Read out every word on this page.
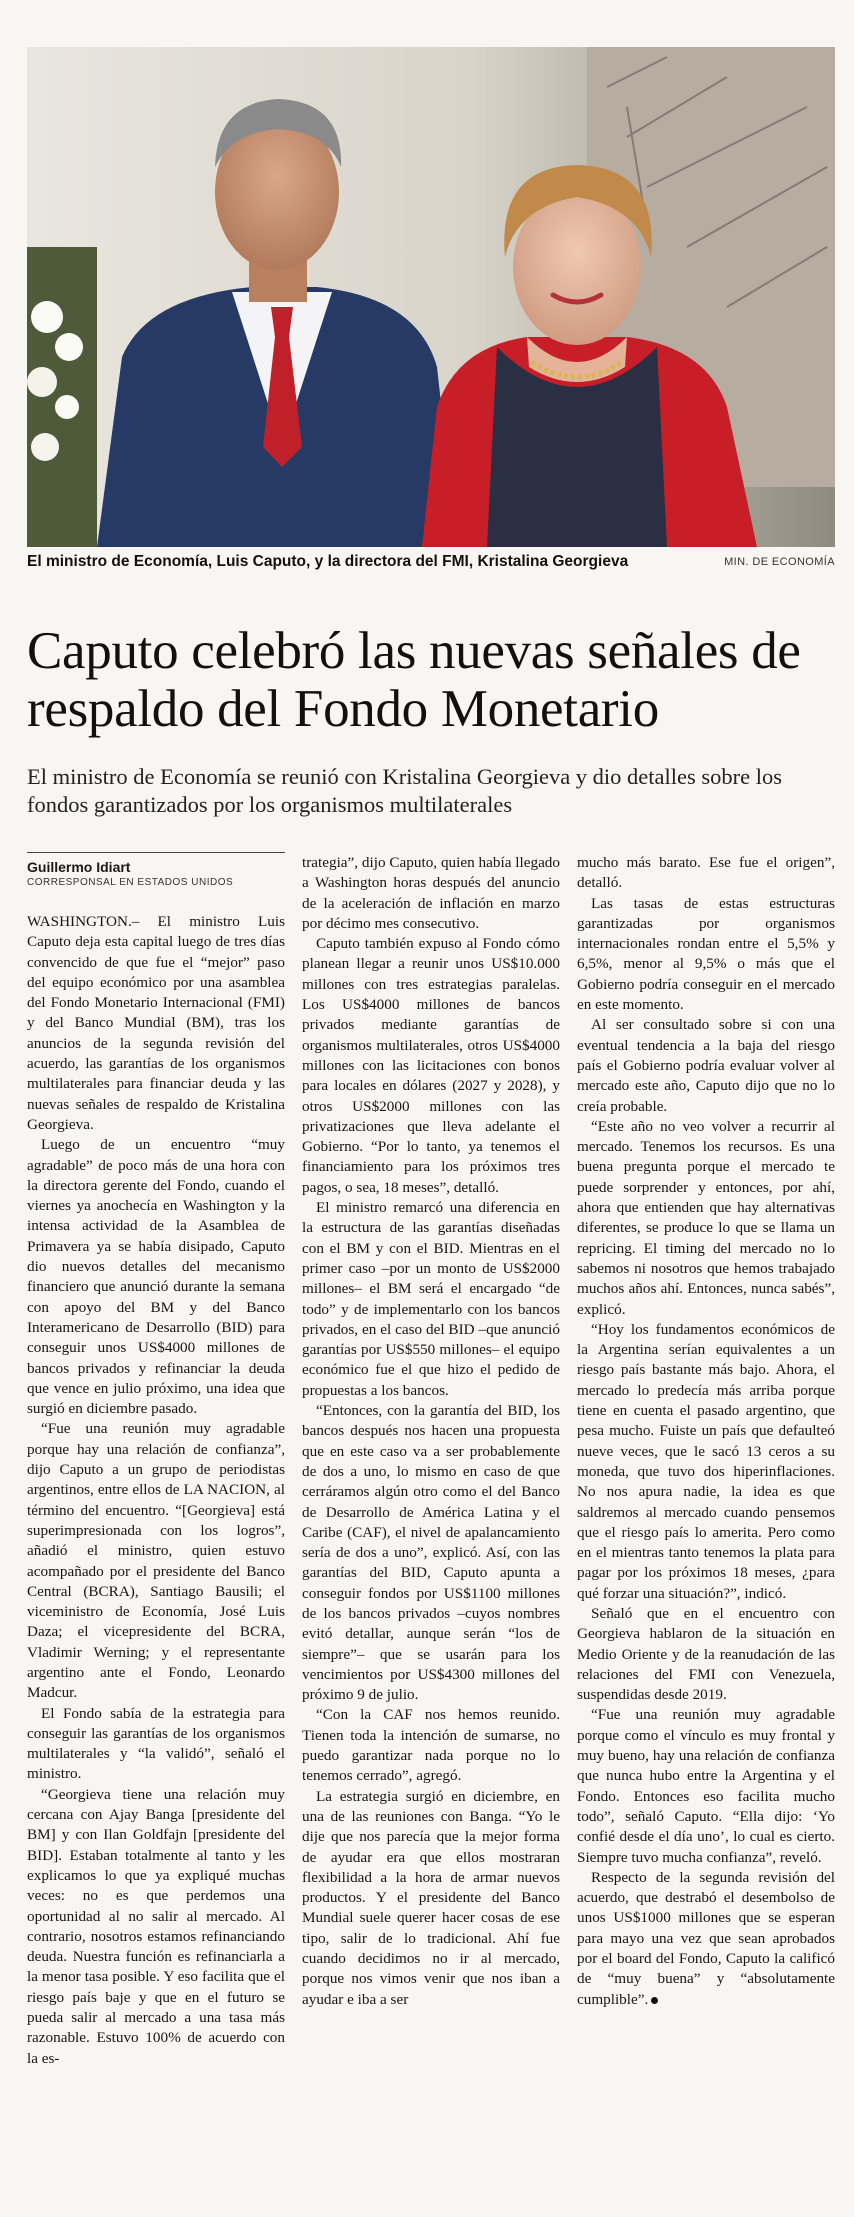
El ministro de Economía, Luis Caputo, y la directora del FMI, Kristalina Georgieva	MIN. DE ECONOMÍA
Caputo celebró las nuevas señales de respaldo del Fondo Monetario

El ministro de Economía se reunió con Kristalina Georgieva y dio detalles sobre los fondos garantizados por los organismos multilaterales

Guillermo Idiart
CORRESPONSAL EN ESTADOS UNIDOS

WASHINGTON.– El ministro Luis Caputo deja esta capital luego de tres días convencido de que fue el “mejor” paso del equipo económico por una asamblea del Fondo Monetario Internacional (FMI) y del Banco Mundial (BM), tras los anuncios de la segunda revisión del acuerdo, las garantías de los organismos multilaterales para financiar deuda y las nuevas señales de respaldo de Kristalina Georgieva.

Luego de un encuentro “muy agradable” de poco más de una hora con la directora gerente del Fondo, cuando el viernes ya anochecía en Washington y la intensa actividad de la Asamblea de Primavera ya se había disipado, Caputo dio nuevos detalles del mecanismo financiero que anunció durante la semana con apoyo del BM y del Banco Interamericano de Desarrollo (BID) para conseguir unos US$4000 millones de bancos privados y refinanciar la deuda que vence en julio próximo, una idea que surgió en diciembre pasado.

“Fue una reunión muy agradable porque hay una relación de confianza”, dijo Caputo a un grupo de periodistas argentinos, entre ellos de LA NACION, al término del encuentro. “[Georgieva] está superimpresionada con los logros”, añadió el ministro, quien estuvo acompañado por el presidente del Banco Central (BCRA), Santiago Bausili; el viceministro de Economía, José Luis Daza; el vicepresidente del BCRA, Vladimir Werning; y el representante argentino ante el Fondo, Leonardo Madcur.

El Fondo sabía de la estrategia para conseguir las garantías de los organismos multilaterales y “la validó”, señaló el ministro.

“Georgieva tiene una relación muy cercana con Ajay Banga [presidente del BM] y con Ilan Goldfajn [presidente del BID]. Estaban totalmente al tanto y les explicamos lo que ya expliqué muchas veces: no es que perdemos una oportunidad al no salir al mercado. Al contrario, nosotros estamos refinanciando deuda. Nuestra función es refinanciarla a la menor tasa posible. Y eso facilita que el riesgo país baje y que en el futuro se pueda salir al mercado a una tasa más razonable. Estuvo 100% de acuerdo con la es-

trategia”, dijo Caputo, quien había llegado a Washington horas después del anuncio de la aceleración de inflación en marzo por décimo mes consecutivo.

Caputo también expuso al Fondo cómo planean llegar a reunir unos US$10.000 millones con tres estrategias paralelas. Los US$4000 millones de bancos privados mediante garantías de organismos multilaterales, otros US$4000 millones con las licitaciones con bonos para locales en dólares (2027 y 2028), y otros US$2000 millones con las privatizaciones que lleva adelante el Gobierno. “Por lo tanto, ya tenemos el financiamiento para los próximos tres pagos, o sea, 18 meses”, detalló.

El ministro remarcó una diferencia en la estructura de las garantías diseñadas con el BM y con el BID. Mientras en el primer caso –por un monto de US$2000 millones– el BM será el encargado “de todo” y de implementarlo con los bancos privados, en el caso del BID –que anunció garantías por US$550 millones– el equipo económico fue el que hizo el pedido de propuestas a los bancos.

“Entonces, con la garantía del BID, los bancos después nos hacen una propuesta que en este caso va a ser probablemente de dos a uno, lo mismo en caso de que cerráramos algún otro como el del Banco de Desarrollo de América Latina y el Caribe (CAF), el nivel de apalancamiento sería de dos a uno”, explicó. Así, con las garantías del BID, Caputo apunta a conseguir fondos por US$1100 millones de los bancos privados –cuyos nombres evitó detallar, aunque serán “los de siempre”– que se usarán para los vencimientos por US$4300 millones del próximo 9 de julio.

“Con la CAF nos hemos reunido. Tienen toda la intención de sumarse, no puedo garantizar nada porque no lo tenemos cerrado”, agregó.

La estrategia surgió en diciembre, en una de las reuniones con Banga. “Yo le dije que nos parecía que la mejor forma de ayudar era que ellos mostraran flexibilidad a la hora de armar nuevos productos. Y el presidente del Banco Mundial suele querer hacer cosas de ese tipo, salir de lo tradicional. Ahí fue cuando decidimos no ir al mercado, porque nos vimos venir que nos iban a ayudar e iba a ser

mucho más barato. Ese fue el origen”, detalló.

Las tasas de estas estructuras garantizadas por organismos internacionales rondan entre el 5,5% y 6,5%, menor al 9,5% o más que el Gobierno podría conseguir en el mercado en este momento.

Al ser consultado sobre si con una eventual tendencia a la baja del riesgo país el Gobierno podría evaluar volver al mercado este año, Caputo dijo que no lo creía probable.

“Este año no veo volver a recurrir al mercado. Tenemos los recursos. Es una buena pregunta porque el mercado te puede sorprender y entonces, por ahí, ahora que entienden que hay alternativas diferentes, se produce lo que se llama un repricing. El timing del mercado no lo sabemos ni nosotros que hemos trabajado muchos años ahí. Entonces, nunca sabés”, explicó.

“Hoy los fundamentos económicos de la Argentina serían equivalentes a un riesgo país bastante más bajo. Ahora, el mercado lo predecía más arriba porque tiene en cuenta el pasado argentino, que pesa mucho. Fuiste un país que defaulteó nueve veces, que le sacó 13 ceros a su moneda, que tuvo dos hiperinflaciones. No nos apura nadie, la idea es que saldremos al mercado cuando pensemos que el riesgo país lo amerita. Pero como en el mientras tanto tenemos la plata para pagar por los próximos 18 meses, ¿para qué forzar una situación?”, indicó.

Señaló que en el encuentro con Georgieva hablaron de la situación en Medio Oriente y de la reanudación de las relaciones del FMI con Venezuela, suspendidas desde 2019.

“Fue una reunión muy agradable porque como el vínculo es muy frontal y muy bueno, hay una relación de confianza que nunca hubo entre la Argentina y el Fondo. Entonces eso facilita mucho todo”, señaló Caputo. “Ella dijo: ‘Yo confié desde el día uno’, lo cual es cierto. Siempre tuvo mucha confianza”, reveló.

Respecto de la segunda revisión del acuerdo, que destrabó el desembolso de unos US$1000 millones que se esperan para mayo una vez que sean aprobados por el board del Fondo, Caputo la calificó de “muy buena” y “absolutamente cumplible”.
